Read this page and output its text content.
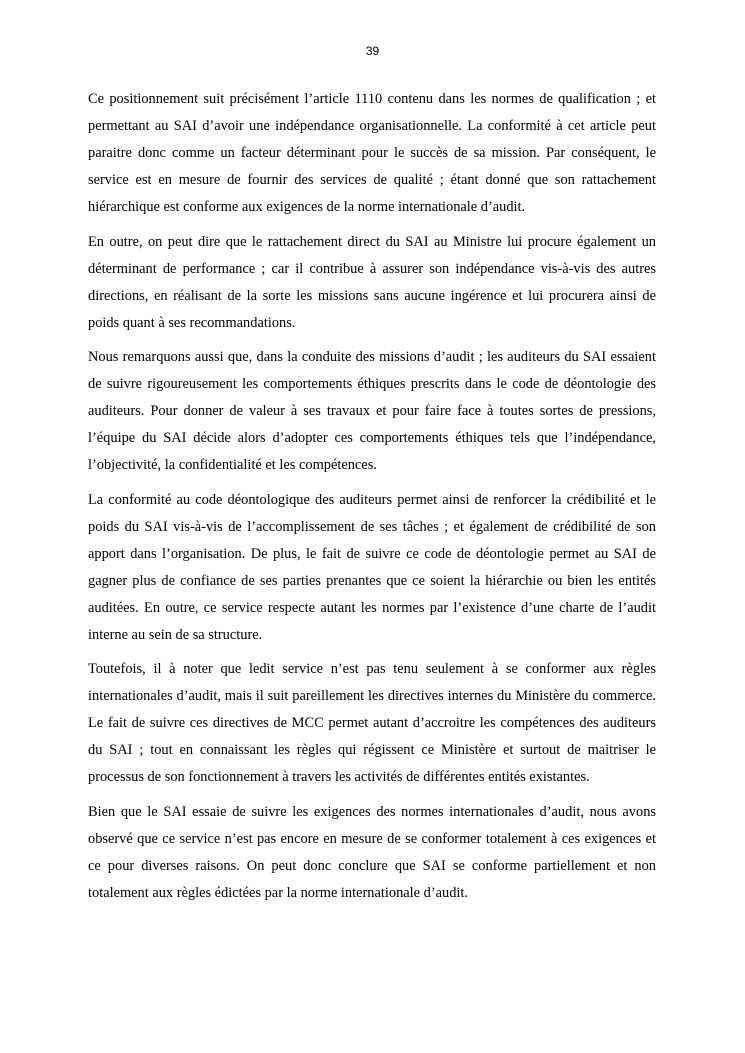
39

Ce positionnement suit précisément l’article 1110 contenu dans les normes de qualification ; et permettant au SAI d’avoir une indépendance organisationnelle. La conformité à cet article peut paraitre donc comme un facteur déterminant pour le succès de sa mission. Par conséquent, le service est en mesure de fournir des services de qualité ; étant donné que son rattachement hiérarchique est conforme aux exigences de la norme internationale d’audit.

En outre, on peut dire que le rattachement direct du SAI au Ministre lui procure également un déterminant de performance ; car il contribue à assurer son indépendance vis-à-vis des autres directions, en réalisant de la sorte les missions sans aucune ingérence et lui procurera ainsi de poids quant à ses recommandations.

Nous remarquons aussi que, dans la conduite des missions d’audit ; les auditeurs du SAI essaient de suivre rigoureusement les comportements éthiques prescrits dans le code de déontologie des auditeurs. Pour donner de valeur à ses travaux et pour faire face à toutes sortes de pressions, l’équipe du SAI décide alors d’adopter ces comportements éthiques tels que l’indépendance, l’objectivité, la confidentialité et les compétences.

La conformité au code déontologique des auditeurs permet ainsi de renforcer la crédibilité et le poids du SAI vis-à-vis de l’accomplissement de ses tâches ; et également de crédibilité de son apport dans l’organisation. De plus, le fait de suivre ce code de déontologie permet au SAI de gagner plus de confiance de ses parties prenantes que ce soient la hiérarchie ou bien les entités auditées. En outre, ce service respecte autant les normes par l’existence d’une charte de l’audit interne au sein de sa structure.

Toutefois, il à noter que ledit service n’est pas tenu seulement à se conformer aux règles internationales d’audit, mais il suit pareillement les directives internes du Ministère du commerce. Le fait de suivre ces directives de MCC permet autant d’accroitre les compétences des auditeurs du SAI ; tout en connaissant les règles qui régissent ce Ministère et surtout de maitriser le processus de son fonctionnement à travers les activités de différentes entités existantes.

Bien que le SAI essaie de suivre les exigences des normes internationales d’audit, nous avons observé que ce service n’est pas encore en mesure de se conformer totalement à ces exigences et ce pour diverses raisons. On peut donc conclure que SAI se conforme partiellement et non totalement aux règles édictées par la norme internationale d’audit.
